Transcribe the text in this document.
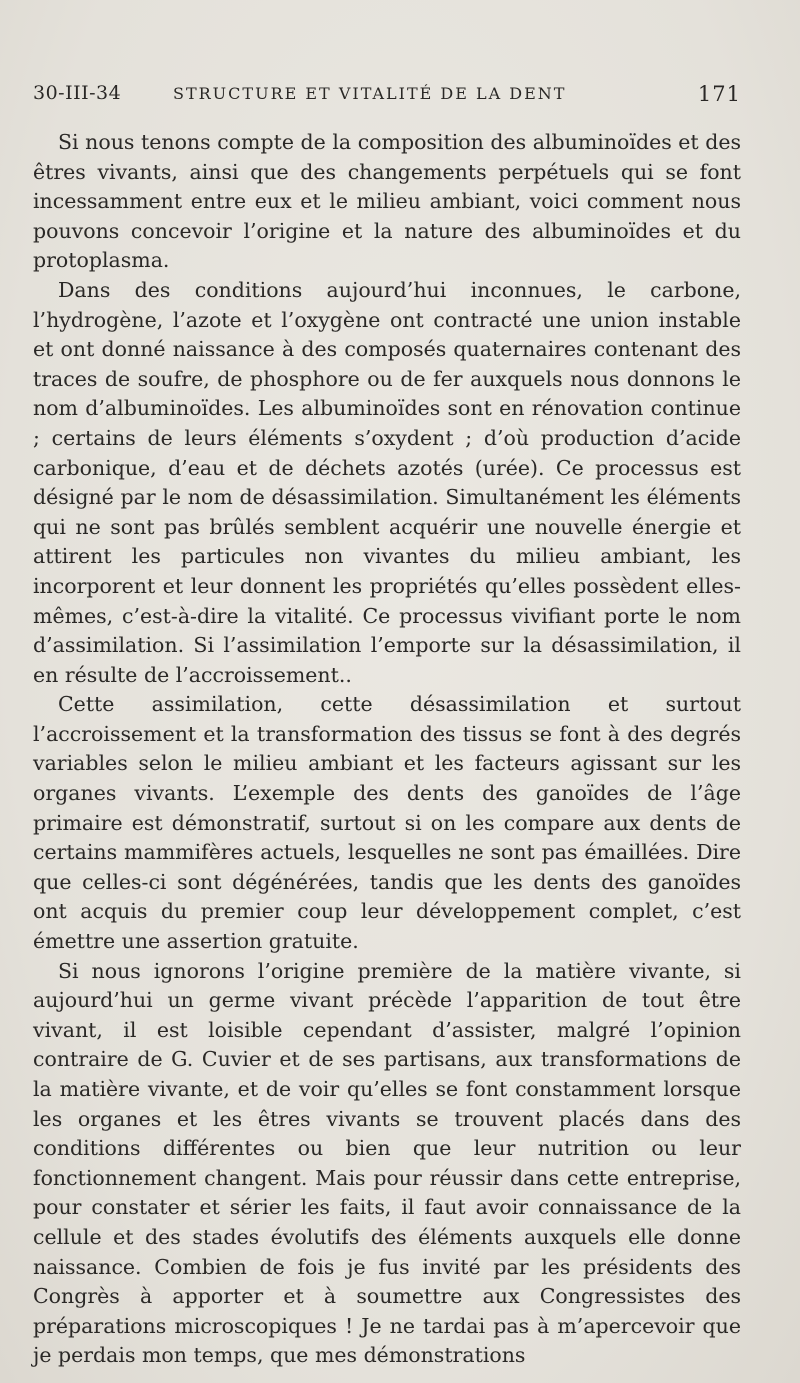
30-III-34	STRUCTURE ET VITALITÉ DE LA DENT	171

Si nous tenons compte de la composition des albuminoïdes et des êtres vivants, ainsi que des changements perpétuels qui se font incessamment entre eux et le milieu ambiant, voici comment nous pouvons concevoir l’origine et la nature des albuminoïdes et du protoplasma.

Dans des conditions aujourd’hui inconnues, le carbone, l’hydrogène, l’azote et l’oxygène ont contracté une union instable et ont donné naissance à des composés quaternaires contenant des traces de soufre, de phosphore ou de fer auxquels nous donnons le nom d’albuminoïdes. Les albuminoïdes sont en rénovation continue ; certains de leurs éléments s’oxydent ; d’où production d’acide carbonique, d’eau et de déchets azotés (urée). Ce processus est désigné par le nom de désassimilation. Simultanément les éléments qui ne sont pas brûlés semblent acquérir une nouvelle énergie et attirent les particules non vivantes du milieu ambiant, les incorporent et leur donnent les propriétés qu’elles possèdent elles-mêmes, c’est-à-dire la vitalité. Ce processus vivifiant porte le nom d’assimilation. Si l’assimilation l’emporte sur la désassimilation, il en résulte de l’accroissement..

Cette assimilation, cette désassimilation et surtout l’accroissement et la transformation des tissus se font à des degrés variables selon le milieu ambiant et les facteurs agissant sur les organes vivants. L’exemple des dents des ganoïdes de l’âge primaire est démonstratif, surtout si on les compare aux dents de certains mammifères actuels, lesquelles ne sont pas émaillées. Dire que celles-ci sont dégénérées, tandis que les dents des ganoïdes ont acquis du premier coup leur développement complet, c’est émettre une assertion gratuite.

Si nous ignorons l’origine première de la matière vivante, si aujourd’hui un germe vivant précède l’apparition de tout être vivant, il est loisible cependant d’assister, malgré l’opinion contraire de G. Cuvier et de ses partisans, aux transformations de la matière vivante, et de voir qu’elles se font constamment lorsque les organes et les êtres vivants se trouvent placés dans des conditions différentes ou bien que leur nutrition ou leur fonctionnement changent. Mais pour réussir dans cette entreprise, pour constater et sérier les faits, il faut avoir connaissance de la cellule et des stades évolutifs des éléments auxquels elle donne naissance. Combien de fois je fus invité par les présidents des Congrès à apporter et à soumettre aux Congressistes des préparations microscopiques ! Je ne tardai pas à m’apercevoir que je perdais mon temps, que mes démonstrations
